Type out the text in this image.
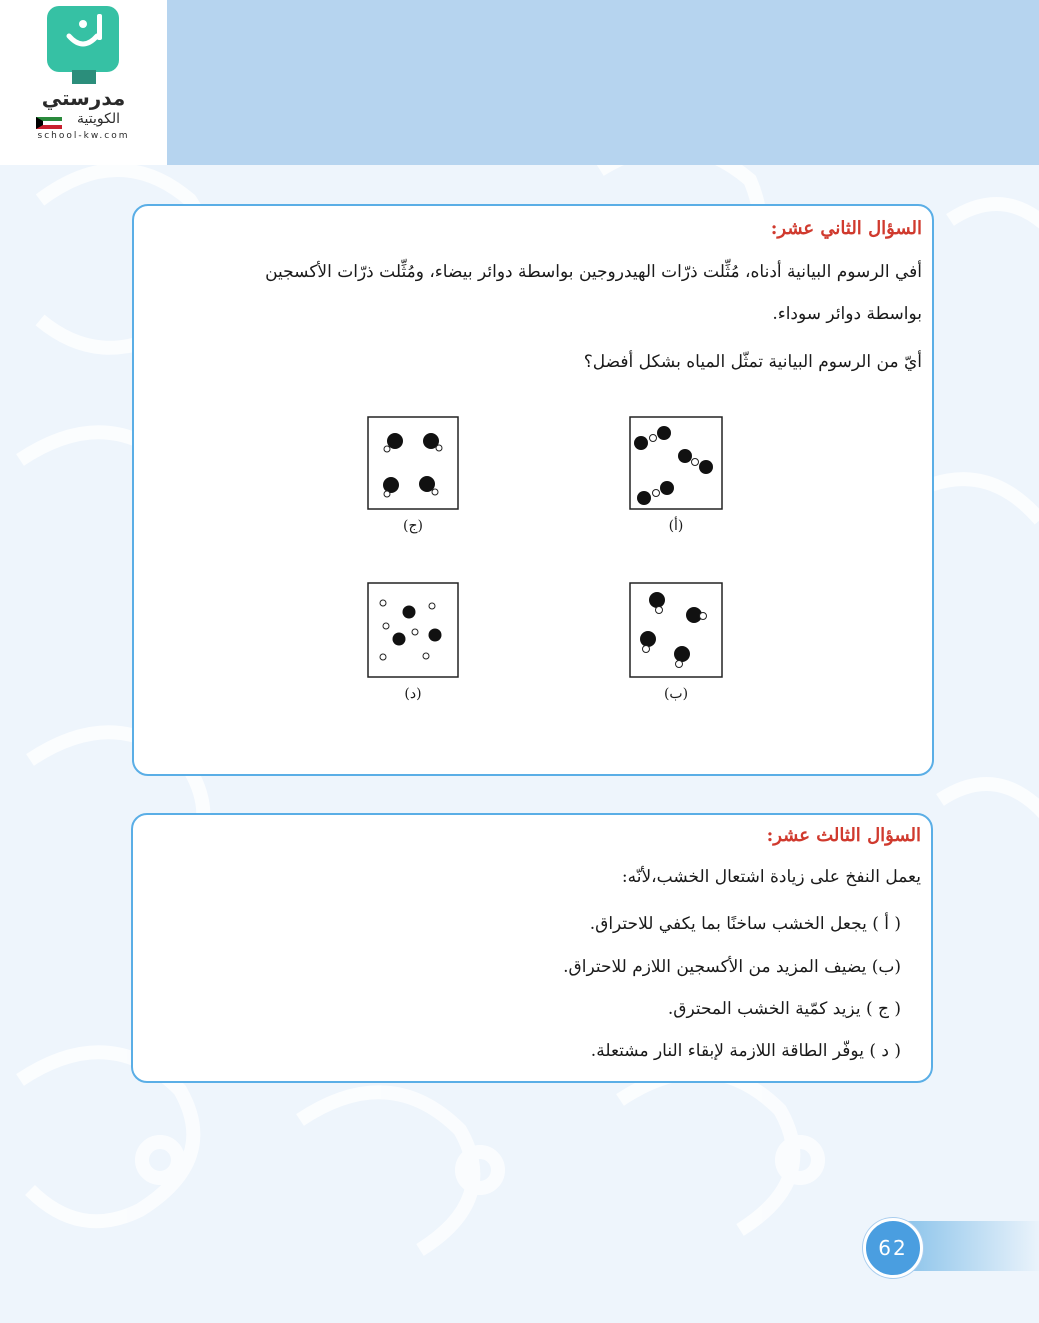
مدرستي
الكويتية
school-kw.com
السؤال الثاني عشر:
أفي الرسوم البيانية أدناه، مُثِّلت ذرّات الهيدروجين بواسطة دوائر بيضاء، ومُثِّلت ذرّات الأكسجين
بواسطة دوائر سوداء.
أيّ من الرسوم البيانية تمثّل المياه بشكل أفضل؟
(أ)
(ج)
(ب)
(د)
السؤال الثالث عشر:
يعمل النفخ على زيادة اشتعال الخشب،لأنّه:
( أ ) يجعل الخشب ساخنًا بما يكفي للاحتراق.
(ب) يضيف المزيد من الأكسجين اللازم للاحتراق.
( ج ) يزيد كمّية الخشب المحترق.
( د ) يوفّر الطاقة اللازمة لإبقاء النار مشتعلة.
62
